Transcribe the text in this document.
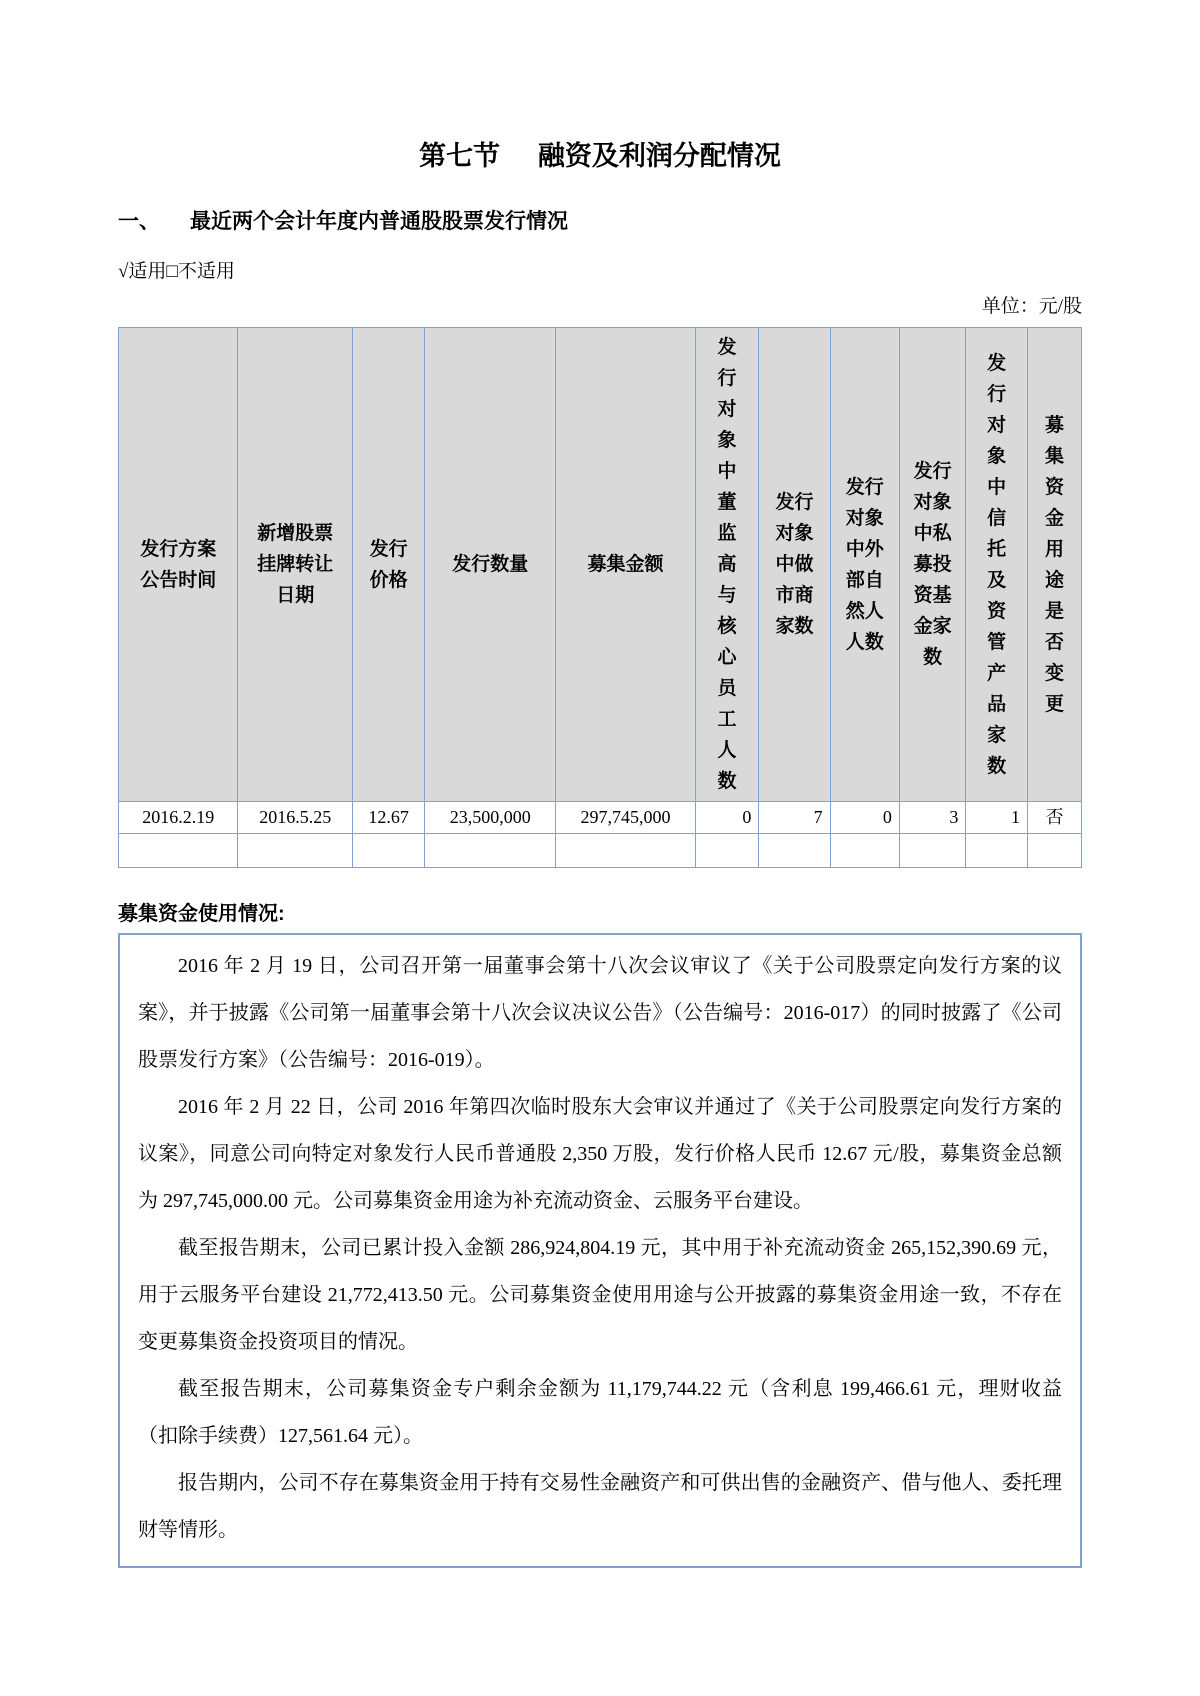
第七节 融资及利润分配情况
一、 最近两个会计年度内普通股股票发行情况
√适用□不适用
单位：元/股
发行方案公告时间	新增股票挂牌转让日期	发行价格	发行数量	募集金额	发行对象中董监高与核心员工人数	发行对象中做市商家数	发行对象中外部自然人人数	发行对象中私募投资基金家数	发行对象中信托及资管产品家数	募集资金用途是否变更
2016.2.19	2016.5.25	12.67	23,500,000	297,745,000	0	7	0	3	1	否

募集资金使用情况:

2016 年 2 月 19 日，公司召开第一届董事会第十八次会议审议了《关于公司股票定向发行方案的议案》，并于披露《公司第一届董事会第十八次会议决议公告》（公告编号：2016-017）的同时披露了《公司股票发行方案》（公告编号：2016-019）。

2016 年 2 月 22 日，公司 2016 年第四次临时股东大会审议并通过了《关于公司股票定向发行方案的议案》，同意公司向特定对象发行人民币普通股 2,350 万股，发行价格人民币 12.67 元/股，募集资金总额为 297,745,000.00 元。公司募集资金用途为补充流动资金、云服务平台建设。

截至报告期末，公司已累计投入金额 286,924,804.19 元，其中用于补充流动资金 265,152,390.69 元，用于云服务平台建设 21,772,413.50 元。公司募集资金使用用途与公开披露的募集资金用途一致，不存在变更募集资金投资项目的情况。

截至报告期末，公司募集资金专户剩余金额为 11,179,744.22 元（含利息 199,466.61 元，理财收益（扣除手续费）127,561.64 元）。

报告期内，公司不存在募集资金用于持有交易性金融资产和可供出售的金融资产、借与他人、委托理财等情形。
